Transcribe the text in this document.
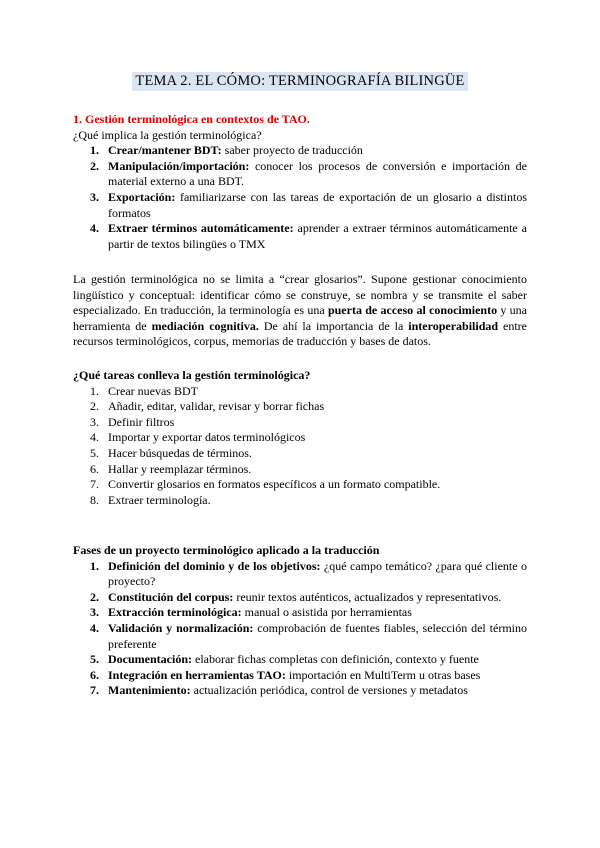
TEMA 2. EL CÓMO: TERMINOGRAFÍA BILINGÜE
1. Gestión terminológica en contextos de TAO.
¿Qué implica la gestión terminológica?
1. Crear/mantener BDT: saber proyecto de traducción
2. Manipulación/importación: conocer los procesos de conversión e importación de material externo a una BDT.
3. Exportación: familiarizarse con las tareas de exportación de un glosario a distintos formatos
4. Extraer términos automáticamente: aprender a extraer términos automáticamente a partir de textos bilingües o TMX
La gestión terminológica no se limita a “crear glosarios”. Supone gestionar conocimiento lingüístico y conceptual: identificar cómo se construye, se nombra y se transmite el saber especializado. En traducción, la terminología es una puerta de acceso al conocimiento y una herramienta de mediación cognitiva. De ahí la importancia de la interoperabilidad entre recursos terminológicos, corpus, memorias de traducción y bases de datos.
¿Qué tareas conlleva la gestión terminológica?
1. Crear nuevas BDT
2. Añadir, editar, validar, revisar y borrar fichas
3. Definir filtros
4. Importar y exportar datos terminológicos
5. Hacer búsquedas de términos.
6. Hallar y reemplazar términos.
7. Convertir glosarios en formatos específicos a un formato compatible.
8. Extraer terminología.
Fases de un proyecto terminológico aplicado a la traducción
1. Definición del dominio y de los objetivos: ¿qué campo temático? ¿para qué cliente o proyecto?
2. Constitución del corpus: reunir textos auténticos, actualizados y representativos.
3. Extracción terminológica: manual o asistida por herramientas
4. Validación y normalización: comprobación de fuentes fiables, selección del término preferente
5. Documentación: elaborar fichas completas con definición, contexto y fuente
6. Integración en herramientas TAO: importación en MultiTerm u otras bases
7. Mantenimiento: actualización periódica, control de versiones y metadatos
